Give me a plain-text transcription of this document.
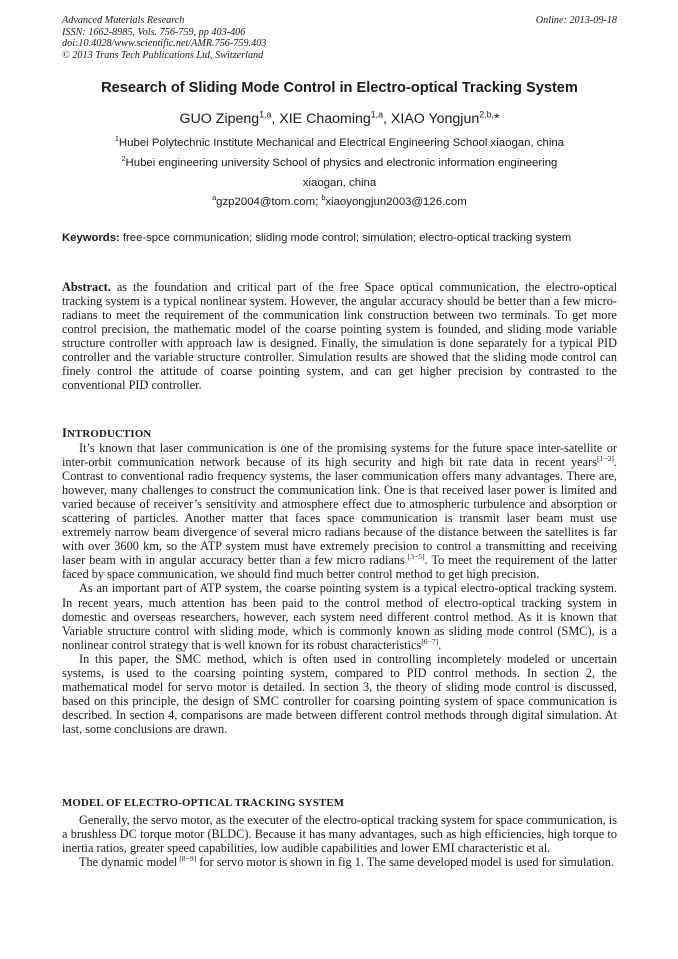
Advanced Materials Research
ISSN: 1662-8985, Vols. 756-759, pp 403-406
doi:10.4028/www.scientific.net/AMR.756-759.403
© 2013 Trans Tech Publications Ltd, Switzerland
Online: 2013-09-18
Research of Sliding Mode Control in Electro-optical Tracking System
GUO Zipeng$^{1,a}$, XIE Chaoming$^{1,a}$, XIAO Yongjun$^{2,b,}$*
$^1$Hubei Polytechnic Institute Mechanical and Electrical Engineering School xiaogan, china
$^2$Hubei engineering university School of physics and electronic information engineering
xiaogan, china
$^a$gzp2004@tom.com; $^b$xiaoyongjun2003@126.com
Keywords: free-spce communication; sliding mode control; simulation; electro-optical tracking system

Abstract. as the foundation and critical part of the free Space optical communication, the electro-optical tracking system is a typical nonlinear system. However, the angular accuracy should be better than a few micro-radians to meet the requirement of the communication link construction between two terminals. To get more control precision, the mathematic model of the coarse pointing system is founded, and sliding mode variable structure controller with approach law is designed. Finally, the simulation is done separately for a typical PID controller and the variable structure controller. Simulation results are showed that the sliding mode control can finely control the attitude of coarse pointing system, and can get higher precision by contrasted to the conventional PID controller.

INTRODUCTION

It’s known that laser communication is one of the promising systems for the future space inter-satellite or inter-orbit communication network because of its high security and high bit rate data in recent years[1−2]. Contrast to conventional radio frequency systems, the laser communication offers many advantages. There are, however, many challenges to construct the communication link. One is that received laser power is limited and varied because of receiver’s sensitivity and atmosphere effect due to atmospheric turbulence and absorption or scattering of particles. Another matter that faces space communication is transmit laser beam must use extremely narrow beam divergence of several micro radians because of the distance between the satellites is far with over 3600 km, so the ATP system must have extremely precision to control a transmitting and receiving laser beam with in angular accuracy better than a few micro radians [3−5]. To meet the requirement of the latter faced by space communication, we should find much better control method to get high precision.

As an important part of ATP system, the coarse pointing system is a typical electro-optical tracking system. In recent years, much attention has been paid to the control method of electro-optical tracking system in domestic and overseas researchers, however, each system need different control method. As it is known that Variable structure control with sliding mode, which is commonly known as sliding mode control (SMC), is a nonlinear control strategy that is well known for its robust characteristics[6−7].

In this paper, the SMC method, which is often used in controlling incompletely modeled or uncertain systems, is used to the coarsing pointing system, compared to PID control methods. In section 2, the mathematical model for servo motor is detailed. In section 3, the theory of sliding mode control is discussed, based on this principle, the design of SMC controller for coarsing pointing system of space communication is described. In section 4, comparisons are made between different control methods through digital simulation. At last, some conclusions are drawn.

MODEL OF ELECTRO-OPTICAL TRACKING SYSTEM

Generally, the servo motor, as the executer of the electro-optical tracking system for space communication, is a brushless DC torque motor (BLDC). Because it has many advantages, such as high efficiencies, high torque to inertia ratios, greater speed capabilities, low audible capabilities and lower EMI characteristic et al.

The dynamic model [8−9] for servo motor is shown in fig 1. The same developed model is used for simulation.
